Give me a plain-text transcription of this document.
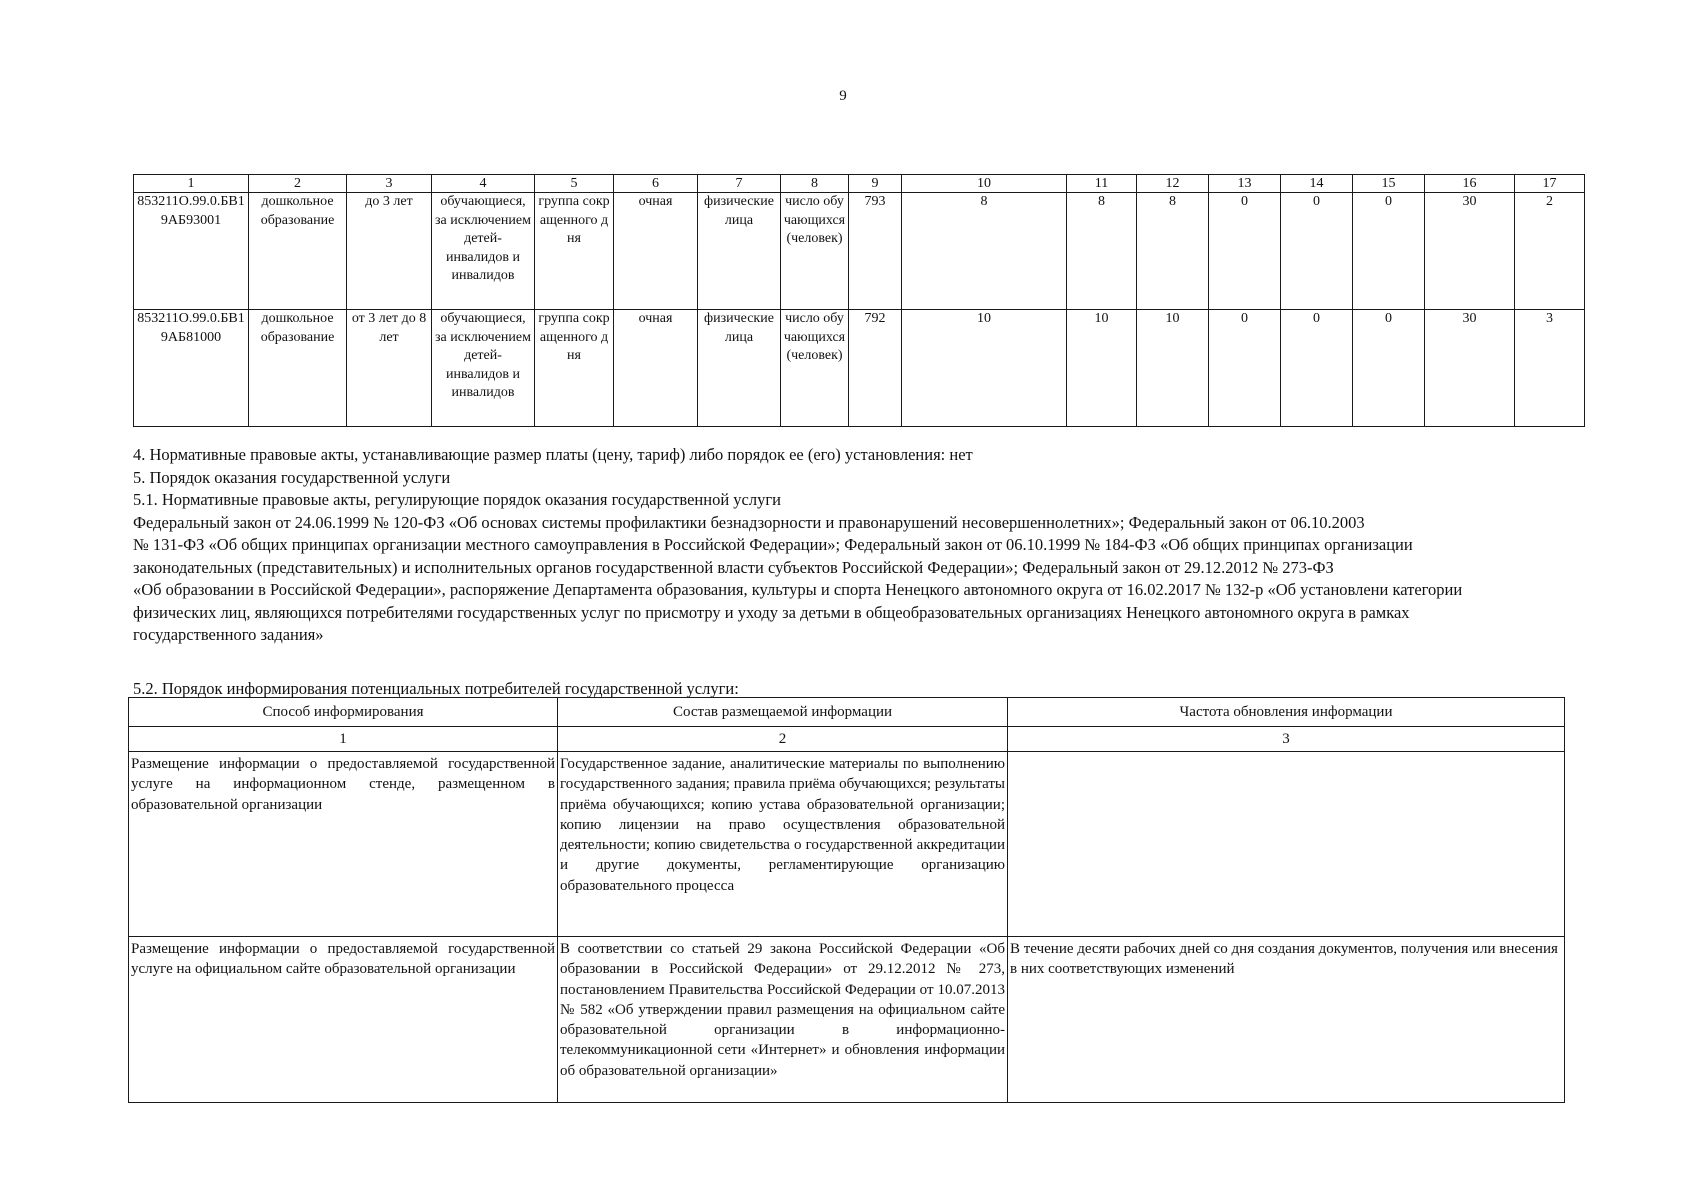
9
1	2	3	4	5	6	7	8	9	10	11	12	13	14	15	16	17
853211О.99.0.БВ19АБ93001	дошкольное образование	до 3 лет	обучающиеся, за исключением детей-инвалидов и инвалидов	группа сокращенного дня	очная	физические лица	число обучающихся (человек)	793	8	8	8	0	0	0	30	2
853211О.99.0.БВ19АБ81000	дошкольное образование	от 3 лет до 8 лет	обучающиеся, за исключением детей-инвалидов и инвалидов	группа сокращенного дня	очная	физические лица	число обучающихся (человек)	792	10	10	10	0	0	0	30	3

4. Нормативные правовые акты, устанавливающие размер платы (цену, тариф) либо порядок ее (его) установления: нет

5. Порядок оказания государственной услуги

5.1. Нормативные правовые акты, регулирующие порядок оказания государственной услуги

Федеральный закон от 24.06.1999 № 120-ФЗ «Об основах системы профилактики безнадзорности и правонарушений несовершеннолетних»; Федеральный закон от 06.10.2003

№ 131-ФЗ «Об общих принципах организации местного самоуправления в Российской Федерации»; Федеральный закон от 06.10.1999 № 184-ФЗ «Об общих принципах организации

законодательных (представительных) и исполнительных органов государственной власти субъектов Российской Федерации»; Федеральный закон от 29.12.2012 № 273-ФЗ

«Об образовании в Российской Федерации», распоряжение Департамента образования, культуры и спорта Ненецкого автономного округа от 16.02.2017 № 132-р «Об установлени категории

физических лиц, являющихся потребителями государственных услуг по присмотру и уходу за детьми в общеобразовательных организациях Ненецкого автономного округа в рамках

государственного задания»

5.2. Порядок информирования потенциальных потребителей государственной услуги:
Способ информирования	Состав размещаемой информации	Частота обновления информации
1	2	3
Размещение информации о предоставляемой государственной услуге на информационном стенде, размещенном в образовательной организации	Государственное задание, аналитические материалы по выполнению государственного задания; правила приёма обучающихся; результаты приёма обучающихся; копию устава образовательной организации; копию лицензии на право осуществления образовательной деятельности; копию свидетельства о государственной аккредитации и другие документы, регламентирующие организацию образовательного процесса	
Размещение информации о предоставляемой государственной услуге на официальном сайте образовательной организации	В соответствии со статьей 29 закона Российской Федерации «Об образовании в Российской Федерации» от 29.12.2012 № 273, постановлением Правительства Российской Федерации от 10.07.2013 № 582 «Об утверждении правил размещения на официальном сайте образовательной организации в информационно-телекоммуникационной сети «Интернет» и обновления информации об образовательной организации»	В течение десяти рабочих дней со дня создания документов, получения или внесения в них соответствующих изменений
